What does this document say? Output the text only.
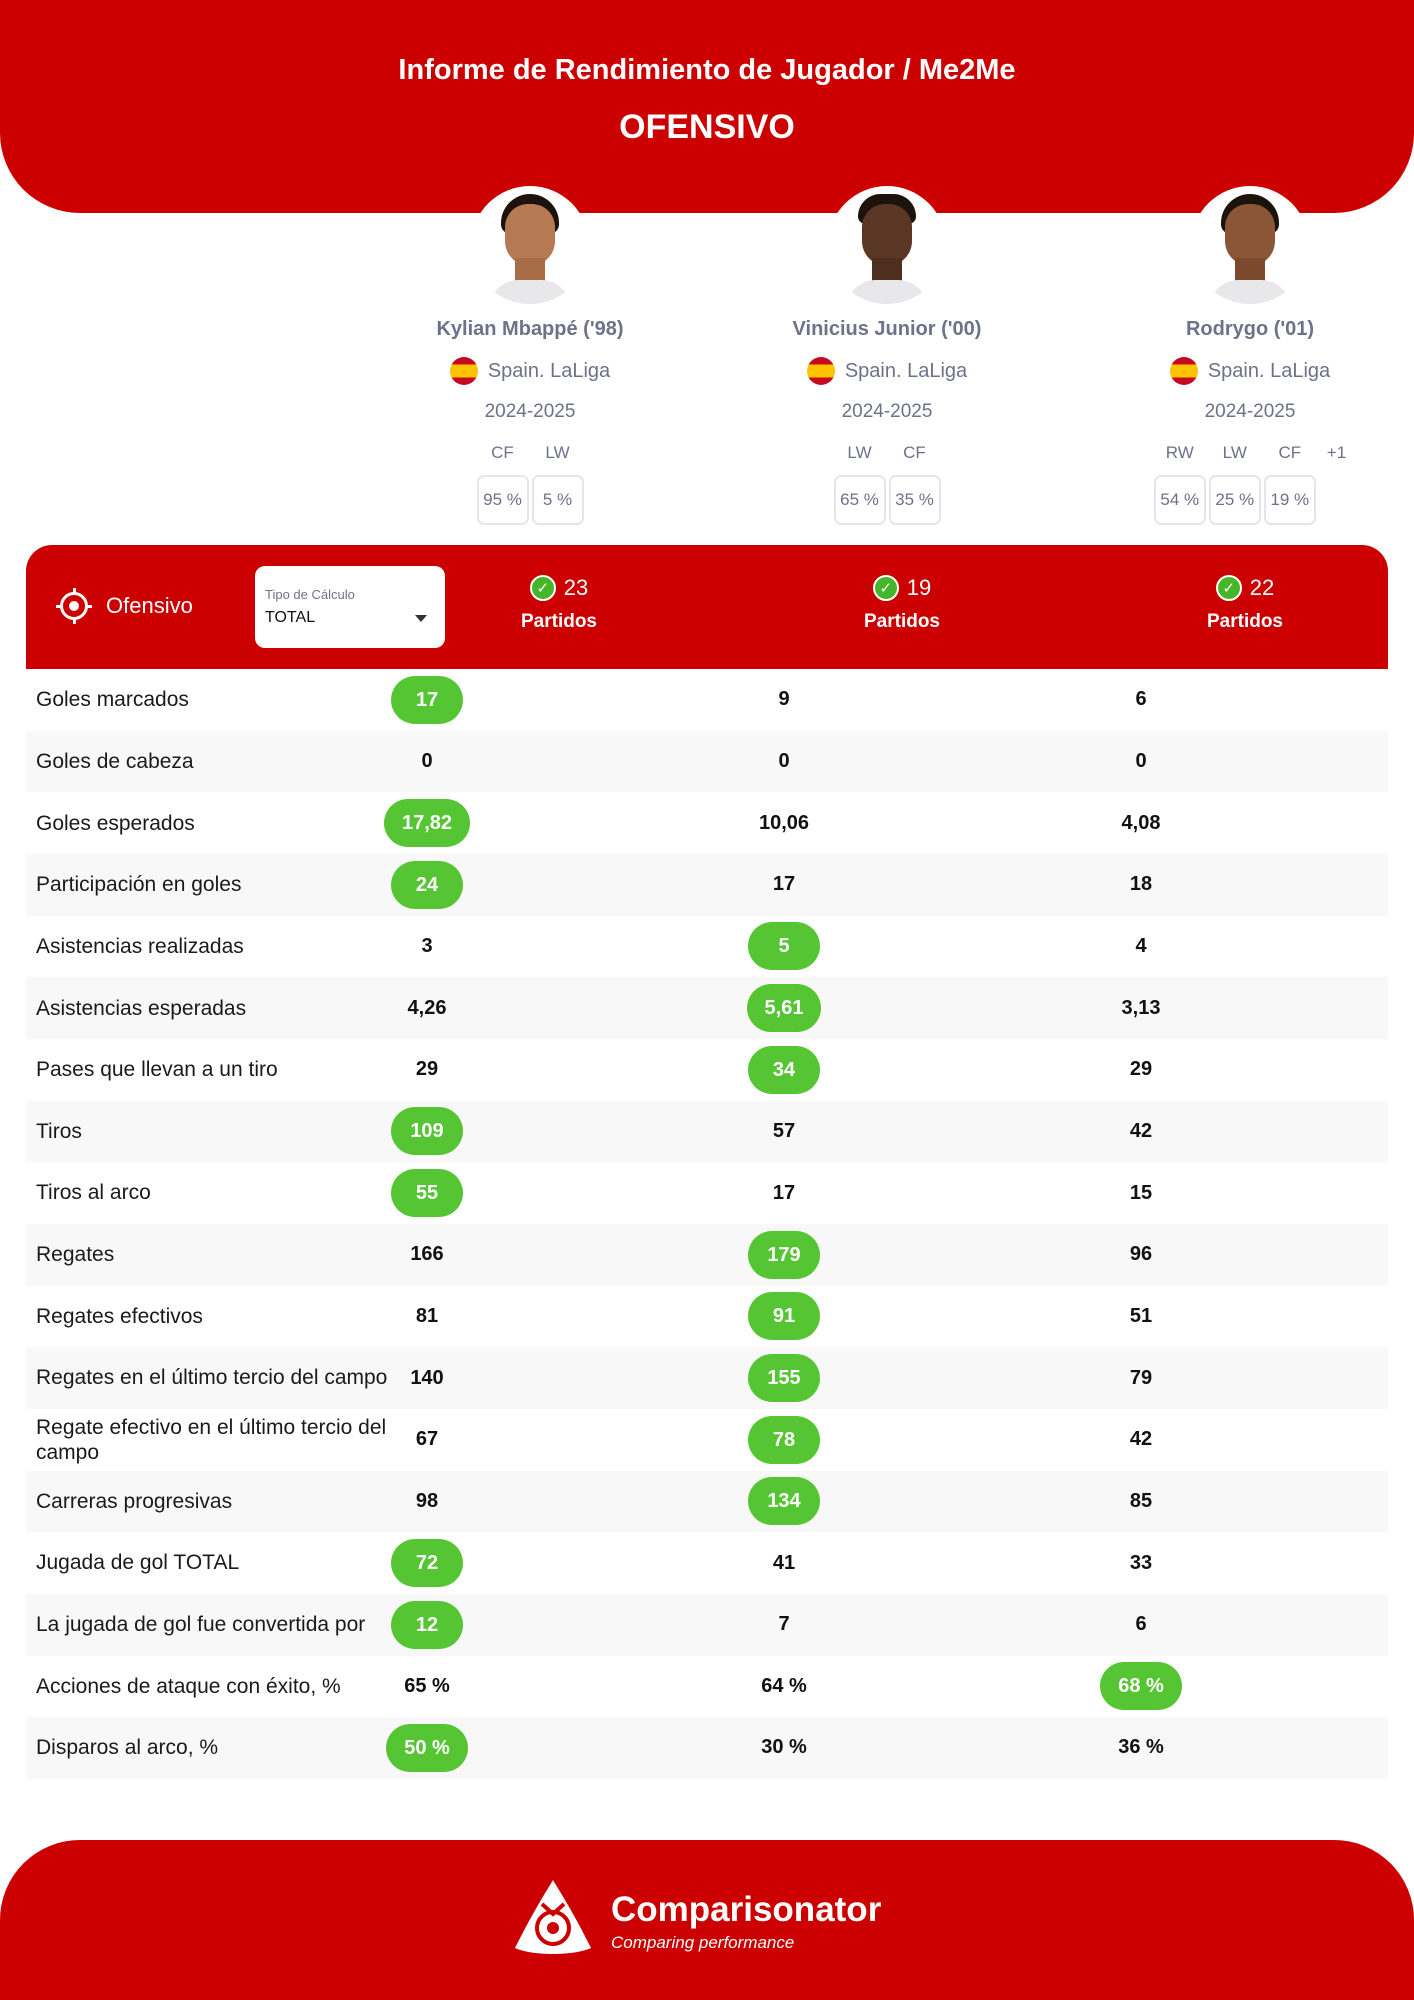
Informe de Rendimiento de Jugador / Me2Me
OFENSIVO
Kylian Mbappé ('98)
Spain. LaLiga
2024-2025
CF
95 %
LW
5 %
Vinicius Junior ('00)
Spain. LaLiga
2024-2025
LW
65 %
CF
35 %
Rodrygo ('01)
Spain. LaLiga
2024-2025
RW
54 %
LW
25 %
CF
19 %
+1
Ofensivo	Tipo de Cálculo
TOTAL
✓ 23
Partidos
✓ 19
Partidos
✓ 22
Partidos
Goles marcados	17	9	6
Goles de cabeza	0	0	0
Goles esperados	17,82	10,06	4,08
Participación en goles	24	17	18
Asistencias realizadas	3	5	4
Asistencias esperadas	4,26	5,61	3,13
Pases que llevan a un tiro	29	34	29
Tiros	109	57	42
Tiros al arco	55	17	15
Regates	166	179	96
Regates efectivos	81	91	51
Regates en el último tercio del campo	140	155	79
Regate efectivo en el último tercio del campo
67	78	42
Carreras progresivas	98	134	85
Jugada de gol TOTAL	72	41	33
La jugada de gol fue convertida por	12	7	6
Acciones de ataque con éxito, %	65 %	64 %	68 %
Disparos al arco, %	50 %	30 %	36 %
Comparisonator
Comparing performance
